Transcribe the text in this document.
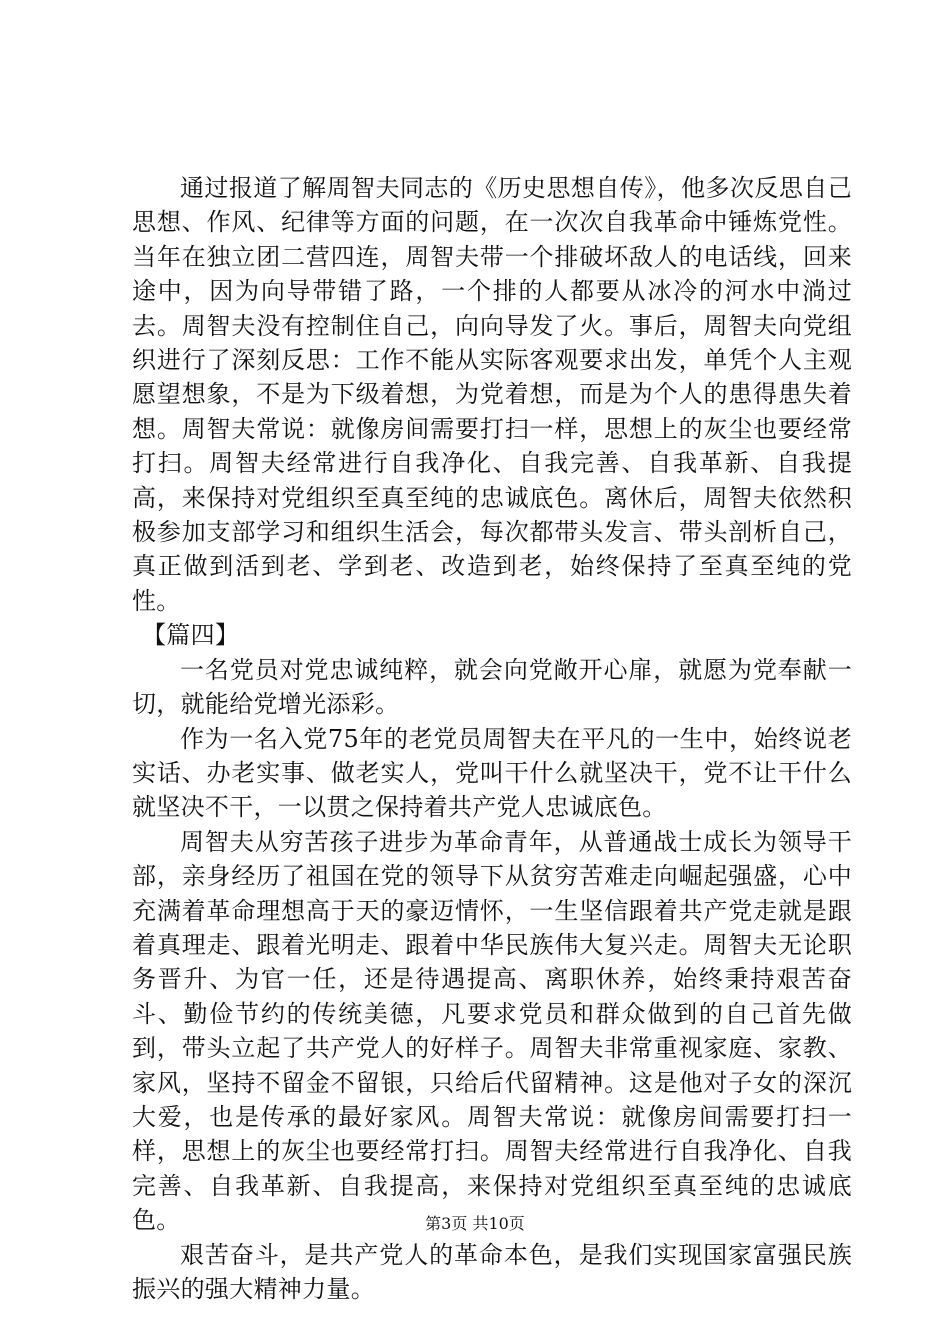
通过报道了解周智夫同志的《历史思想自传》，他多次反思自己思想、作风、纪律等方面的问题，在一次次自我革命中锤炼党性。当年在独立团二营四连，周智夫带一个排破坏敌人的电话线，回来途中，因为向导带错了路，一个排的人都要从冰冷的河水中淌过去。周智夫没有控制住自己，向向导发了火。事后，周智夫向党组织进行了深刻反思：工作不能从实际客观要求出发，单凭个人主观愿望想象，不是为下级着想，为党着想，而是为个人的患得患失着想。周智夫常说：就像房间需要打扫一样，思想上的灰尘也要经常打扫。周智夫经常进行自我净化、自我完善、自我革新、自我提高，来保持对党组织至真至纯的忠诚底色。离休后，周智夫依然积极参加支部学习和组织生活会，每次都带头发言、带头剖析自己，真正做到活到老、学到老、改造到老，始终保持了至真至纯的党性。

【篇四】

一名党员对党忠诚纯粹，就会向党敞开心扉，就愿为党奉献一切，就能给党增光添彩。

作为一名入党75年的老党员周智夫在平凡的一生中，始终说老实话、办老实事、做老实人，党叫干什么就坚决干，党不让干什么就坚决不干，一以贯之保持着共产党人忠诚底色。

周智夫从穷苦孩子进步为革命青年，从普通战士成长为领导干部，亲身经历了祖国在党的领导下从贫穷苦难走向崛起强盛，心中充满着革命理想高于天的豪迈情怀，一生坚信跟着共产党走就是跟着真理走、跟着光明走、跟着中华民族伟大复兴走。周智夫无论职务晋升、为官一任，还是待遇提高、离职休养，始终秉持艰苦奋斗、勤俭节约的传统美德，凡要求党员和群众做到的自己首先做到，带头立起了共产党人的好样子。周智夫非常重视家庭、家教、家风，坚持不留金不留银，只给后代留精神。这是他对子女的深沉大爱，也是传承的最好家风。周智夫常说：就像房间需要打扫一样，思想上的灰尘也要经常打扫。周智夫经常进行自我净化、自我完善、自我革新、自我提高，来保持对党组织至真至纯的忠诚底色。

艰苦奋斗，是共产党人的革命本色，是我们实现国家富强民族振兴的强大精神力量。

第3页 共10页
